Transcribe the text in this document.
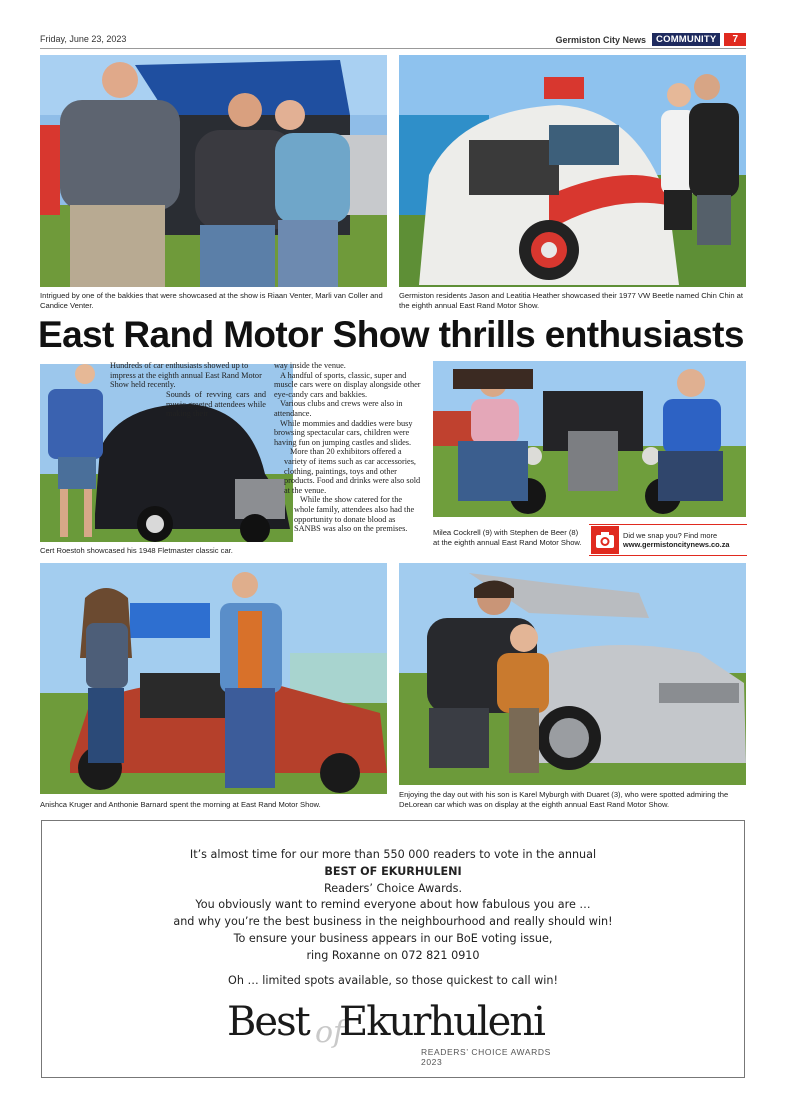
Friday, June 23, 2023	Germiston City News	COMMUNITY	7
Intrigued by one of the bakkies that were showcased at the show is Riaan Venter, Marli van Coller and Candice Venter.
Germiston residents Jason and Leatitia Heather showcased their 1977 VW Beetle named Chin Chin at the eighth annual East Rand Motor Show.
East Rand Motor Show thrills enthusiasts
Cert Roestoh showcased his 1948 Fletmaster classic car.

Hundreds of car enthusiasts showed up to impress at the eighth annual East Rand Motor Show held recently.

Sounds of revving cars and music greeted attendees while making their

way inside the venue.

A handful of sports, classic, super and muscle cars were on display alongside other eye-candy cars and bakkies.

Various clubs and crews were also in attendance.

While mommies and daddies were busy browsing spectacular cars, children were having fun on jumping castles and slides.

More than 20 exhibitors offered a variety of items such as car accessories, clothing, paintings, toys and other products. Food and drinks were also sold at the venue.

While the show catered for the whole family, attendees also had the opportunity to donate blood as SANBS was also on the premises.	Milea Cockrell (9) with Stephen de Beer (8) at the eighth annual East Rand Motor Show.
Did we snap you? Find more
www.germistoncitynews.co.za
Anishca Kruger and Anthonie Barnard spent the morning at East Rand Motor Show.
Enjoying the day out with his son is Karel Myburgh with Duaret (3), who were spotted admiring the DeLorean car which was on display at the eighth annual East Rand Motor Show.
It’s almost time for our more than 550 000 readers to vote in the annual
BEST OF EKURHULENI
Readers’ Choice Awards.
You obviously want to remind everyone about how fabulous you are …
and why you’re the best business in the neighbourhood and really should win!
To ensure your business appears in our BoE voting issue,
ring Roxanne on 072 821 0910
Oh … limited spots available, so those quickest to call win!
Best of
Ekurhuleni
READERS’ CHOICE AWARDS 2023
